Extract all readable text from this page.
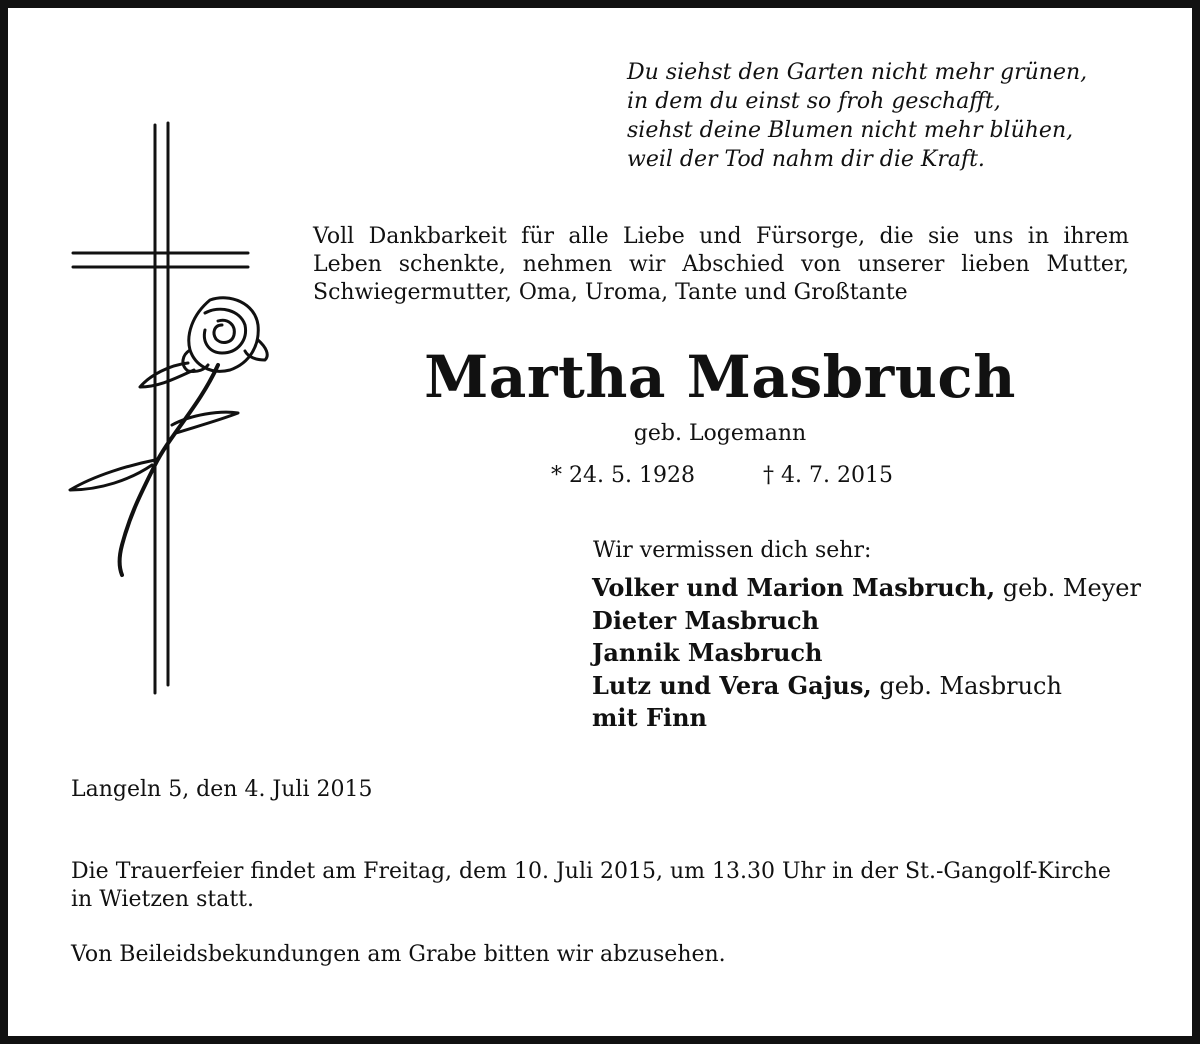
Du siehst den Garten nicht mehr grünen,
in dem du einst so froh geschafft,
siehst deine Blumen nicht mehr blühen,
weil der Tod nahm dir die Kraft.
Voll Dankbarkeit für alle Liebe und Fürsorge, die sie uns in ihrem
Leben schenkte, nehmen wir Abschied von unserer lieben Mutter,
Schwiegermutter, Oma, Uroma, Tante und Großtante
Martha Masbruch
geb. Logemann
* 24. 5. 1928	† 4. 7. 2015
Wir vermissen dich sehr:
Volker und Marion Masbruch, geb. Meyer
Dieter Masbruch
Jannik Masbruch
Lutz und Vera Gajus, geb. Masbruch
mit Finn
Langeln 5, den 4. Juli 2015
Die Trauerfeier findet am Freitag, dem 10. Juli 2015, um 13.30 Uhr in der St.-Gangolf-Kirche
in Wietzen statt.
Von Beileidsbekundungen am Grabe bitten wir abzusehen.
